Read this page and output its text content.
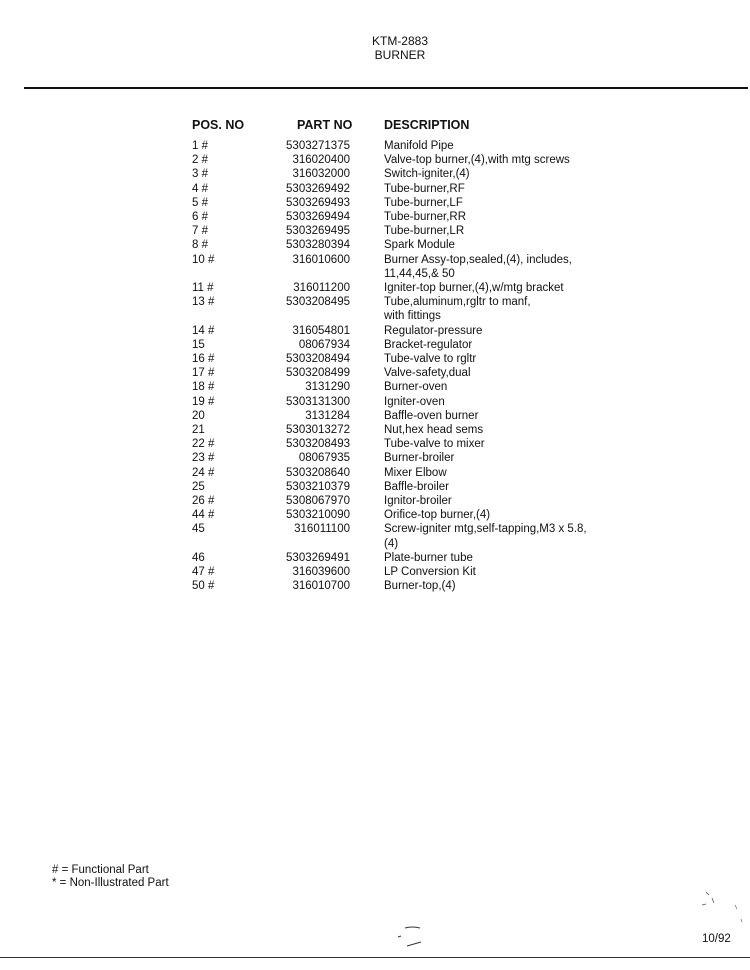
KTM-2883
BURNER
POS. NO	PART NO	DESCRIPTION
1 #	5303271375	Manifold Pipe
2 #	316020400	Valve-top burner,(4),with mtg screws
3 #	316032000	Switch-igniter,(4)
4 #	5303269492	Tube-burner,RF
5 #	5303269493	Tube-burner,LF
6 #	5303269494	Tube-burner,RR
7 #	5303269495	Tube-burner,LR
8 #	5303280394	Spark Module
10 #	316010600	Burner Assy-top,sealed,(4), includes,
11,44,45,& 50
11 #	316011200	Igniter-top burner,(4),w/mtg bracket
13 #	5303208495	Tube,aluminum,rgltr to manf,
with fittings
14 #	316054801	Regulator-pressure
15	08067934	Bracket-regulator
16 #	5303208494	Tube-valve to rgltr
17 #	5303208499	Valve-safety,dual
18 #	3131290	Burner-oven
19 #	5303131300	Igniter-oven
20	3131284	Baffle-oven burner
21	5303013272	Nut,hex head sems
22 #	5303208493	Tube-valve to mixer
23 #	08067935	Burner-broiler
24 #	5303208640	Mixer Elbow
25	5303210379	Baffle-broiler
26 #	5308067970	Ignitor-broiler
44 #	5303210090	Orifice-top burner,(4)
45	316011100	Screw-igniter mtg,self-tapping,M3 x 5.8,
(4)
46	5303269491	Plate-burner tube
47 #	316039600	LP Conversion Kit
50 #	316010700	Burner-top,(4)
# = Functional Part
* = Non-Illustrated Part
10/92
